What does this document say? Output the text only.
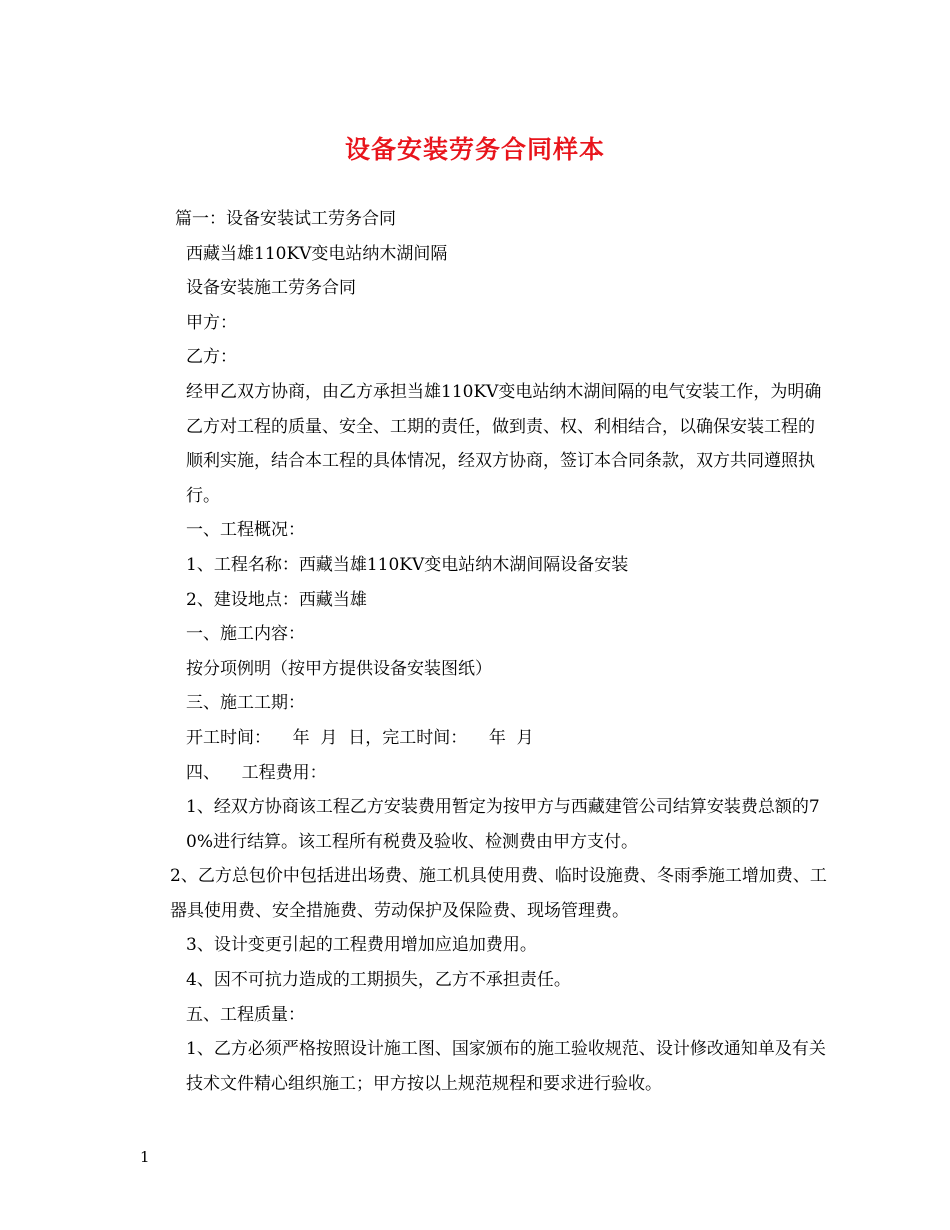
设备安装劳务合同样本

篇一：设备安装试工劳务合同

西藏当雄110KV变电站纳木湖间隔

设备安装施工劳务合同

甲方：

乙方：

经甲乙双方协商，由乙方承担当雄110KV变电站纳木湖间隔的电气安装工作，为明确乙方对工程的质量、安全、工期的责任，做到责、权、利相结合，以确保安装工程的顺利实施，结合本工程的具体情况，经双方协商，签订本合同条款，双方共同遵照执行。

一、工程概况：

1、工程名称：西藏当雄110KV变电站纳木湖间隔设备安装

2、建设地点：西藏当雄

一、施工内容：

按分项例明（按甲方提供设备安装图纸）

三、施工工期：

开工时间：    年  月  日，完工时间：    年  月

四、    工程费用：

1、经双方协商该工程乙方安装费用暂定为按甲方与西藏建管公司结算安装费总额的70%进行结算。该工程所有税费及验收、检测费由甲方支付。

2、乙方总包价中包括进出场费、施工机具使用费、临时设施费、冬雨季施工增加费、工器具使用费、安全措施费、劳动保护及保险费、现场管理费。

3、设计变更引起的工程费用增加应追加费用。

4、因不可抗力造成的工期损失，乙方不承担责任。

五、工程质量：

1、乙方必须严格按照设计施工图、国家颁布的施工验收规范、设计修改通知单及有关技术文件精心组织施工；甲方按以上规范规程和要求进行验收。

1
